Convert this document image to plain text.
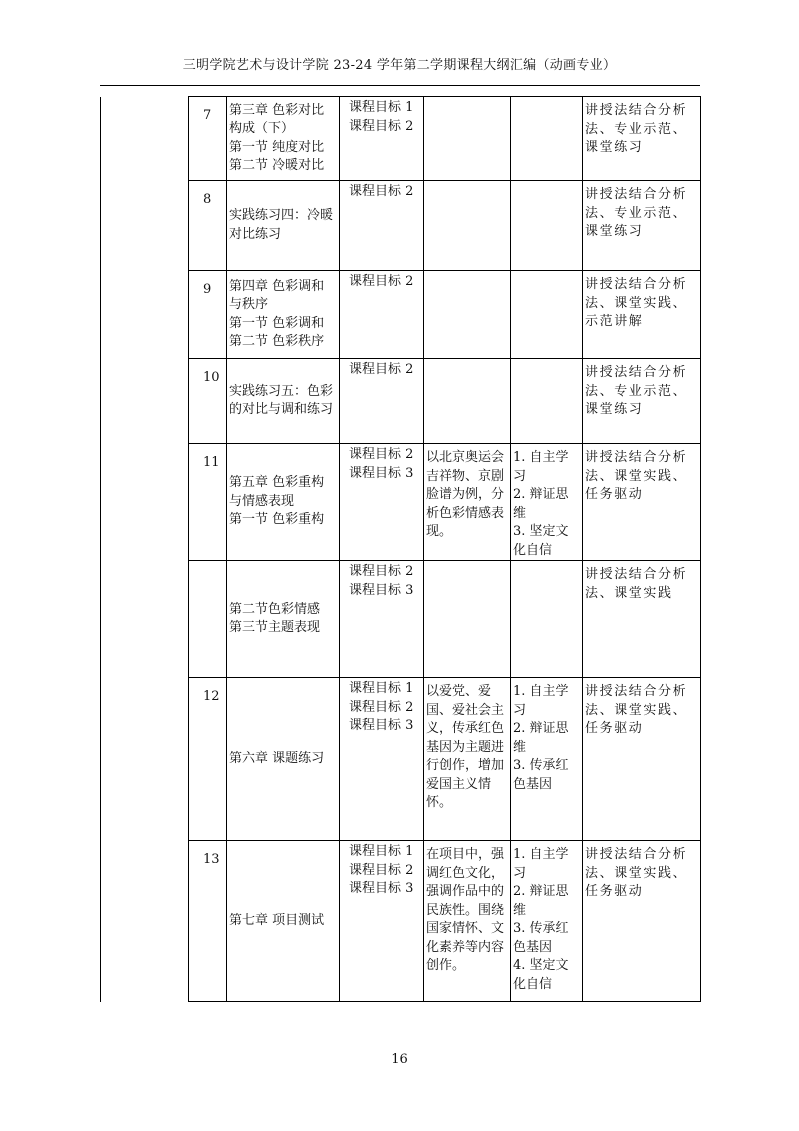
三明学院艺术与设计学院 23-24 学年第二学期课程大纲汇编（动画专业）
	7	第三章 色彩对比构成（下）
第一节 纯度对比
第二节 冷暖对比	课程目标 1
课程目标 2			讲授法结合分析法、专业示范、课堂练习
	8	实践练习四：冷暖对比练习	课程目标 2			讲授法结合分析法、专业示范、课堂练习
	9	第四章 色彩调和与秩序
第一节 色彩调和
第二节 色彩秩序	课程目标 2			讲授法结合分析法、课堂实践、示范讲解
	10	实践练习五：色彩的对比与调和练习	课程目标 2			讲授法结合分析法、专业示范、课堂练习
	11	第五章 色彩重构与情感表现
第一节 色彩重构	课程目标 2
课程目标 3	以北京奥运会吉祥物、京剧脸谱为例，分析色彩情感表现。	1. 自主学习
2. 辩证思维
3. 坚定文化自信	讲授法结合分析法、课堂实践、任务驱动

		第二节色彩情感
第三节主题表现	课程目标 2
课程目标 3			讲授法结合分析法、课堂实践
	12	第六章 课题练习	课程目标 1
课程目标 2
课程目标 3	以爱党、爱国、爱社会主义，传承红色基因为主题进行创作，增加爱国主义情怀。	1. 自主学习
2. 辩证思维
3. 传承红色基因	讲授法结合分析法、课堂实践、任务驱动
	13	第七章 项目测试	课程目标 1
课程目标 2
课程目标 3	在项目中，强调红色文化，强调作品中的民族性。围绕国家情怀、文化素养等内容创作。	1. 自主学习
2. 辩证思维
3. 传承红色基因
4. 坚定文化自信	讲授法结合分析法、课堂实践、任务驱动
16
